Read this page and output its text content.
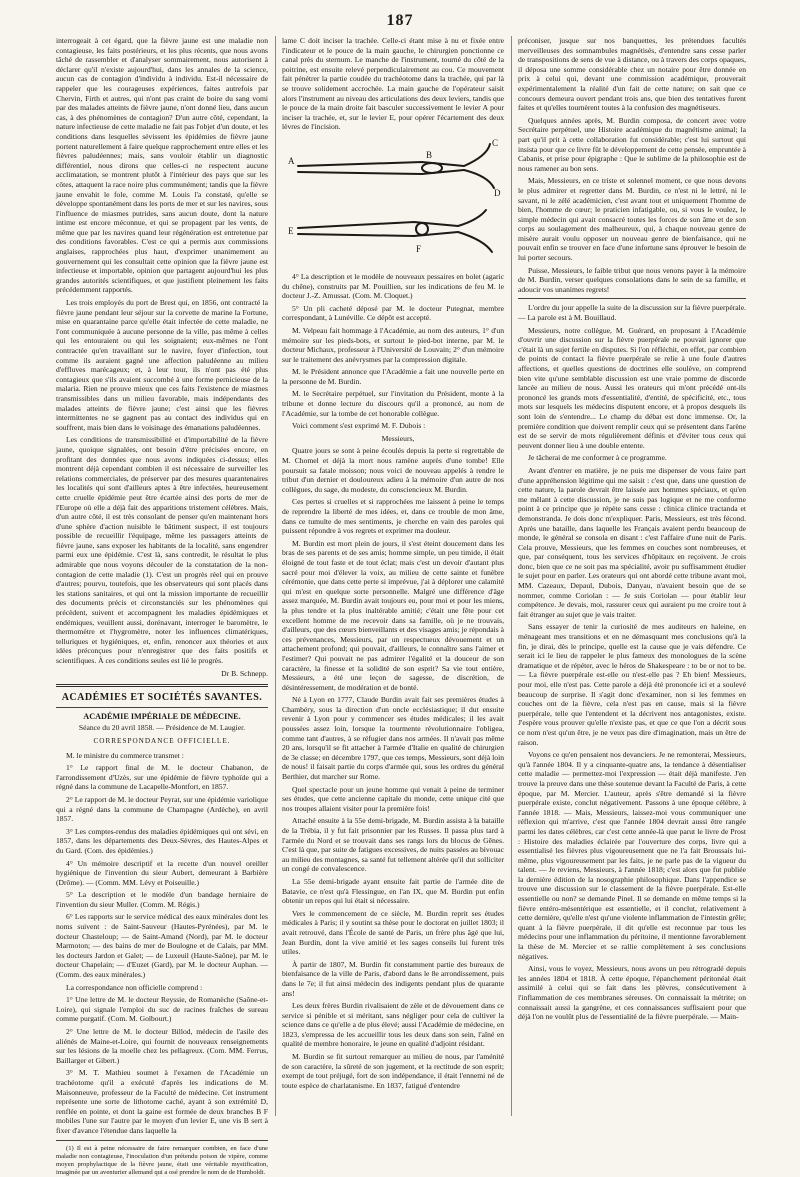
187

interrogeait à cet égard, que la fièvre jaune est une maladie non contagieuse, les faits postérieurs, et les plus récents, que nous avons tâché de rassembler et d'analyser sommairement, nous autorisent à déclarer qu'il n'existe aujourd'hui, dans les annales de la science, aucun cas de contagion d'individu à individu. Est-il nécessaire de rappeler que les courageuses expériences, faites autrefois par Chervin, Firth et autres, qui n'ont pas craint de boire du sang vomi par des malades atteints de fièvre jaune, n'ont donné lieu, dans aucun cas, à des phénomènes de contagion? D'un autre côté, cependant, la nature infectieuse de cette maladie ne fait pas l'objet d'un doute, et les conditions dans lesquelles sévissent les épidémies de fièvre jaune portent naturellement à faire quelque rapprochement entre elles et les fièvres paludéennes; mais, sans vouloir établir un diagnostic différentiel, nous dirons que celles-ci ne respectent aucune acclimatation, se montrent plutôt à l'intérieur des pays que sur les côtes, attaquent la race noire plus communément; tandis que la fièvre jaune envahit le fole, comme M. Louis l'a constaté, qu'elle se développe spontanément dans les ports de mer et sur les navires, sous l'influence de miasmes putrides, sans aucun doute, dont la nature intime est encore méconnue, et qui se propagent par les vents, de même que par les navires quand leur régénération est entretenue par des conditions favorables. C'est ce qui a permis aux commissions anglaises, rapprochées plus haut, d'exprimer unanimement au gouvernement qui les consultait cette opinion que la fièvre jaune est infectieuse et importable, opinion que partagent aujourd'hui les plus grandes autorités scientifiques, et que justifient pleinement les faits précédemment rapportés.

Les trois employés du port de Brest qui, en 1856, ont contracté la fièvre jaune pendant leur séjour sur la corvette de marine la Fortune, mise en quarantaine parce qu'elle était infectée de cette maladie, ne l'ont communiquée à aucune personne de la ville, pas même à celles qui les entouraient ou qui les soignaient; eux-mêmes ne l'ont contractée qu'en travaillant sur le navire, foyer d'infection, tout comme ils auraient gagné une affection paludéenne au milieu d'effluves marécageux; et, à leur tour, ils n'ont pas été plus contagieux que s'ils avaient succombé à une forme pernicieuse de la malaria. Rien ne prouve mieux que ces faits l'existence de miasmes transmissibles dans un milieu favorable, mais indépendants des malades atteints de fièvre jaune; c'est ainsi que les fièvres intermittentes ne se gagnent pas au contact des individus qui en souffrent, mais bien dans le voisinage des émanations paludéennes.

Les conditions de transmissibilité et d'importabilité de la fièvre jaune, quoique signalées, ont besoin d'être précisées encore, en profitant des données que nous avons indiquées ci-dessus; elles montrent déjà cependant combien il est nécessaire de surveiller les relations commerciales, de préserver par des mesures quarantenaires les localités qui sont d'ailleurs aptes à être infectées, heureusement cette cruelle épidémie peut être écartée ainsi des ports de mer de l'Europe où elle a déjà fait des apparitions tristement célèbres. Mais, d'un autre côté, il est très consolant de penser qu'en maintenant hors d'une sphère d'action nuisible le bâtiment suspect, il est toujours possible de recueillir l'équipage, même les passagers atteints de fièvre jaune, sans exposer les habitants de la localité, sans engendrer parmi eux une épidémie. C'est là, sans contredit, le résultat le plus admirable que nous voyons découler de la constatation de la non-contagion de cette maladie (1). C'est un progrès réel qui en prouve d'autres; pourvu, toutefois, que les observateurs qui sont placés dans les stations sanitaires, et qui ont la mission importante de recueillir des documents précis et circonstanciés sur les phénomènes qui précèdent, suivent et accompagnent les maladies épidémiques et endémiques, veuillent aussi, dorénavant, interroger le baromètre, le thermomètre et l'hygromètre, noter les influences climatériques, telluriques et hygiéniques, et, enfin, renoncer aux théories et aux idées préconçues pour n'enregistrer que des faits positifs et scientifiques. À ces conditions seules est lié le progrès.

Dr B. Schnepp.
ACADÉMIES ET SOCIÉTÉS SAVANTES.
ACADÉMIE IMPÉRIALE DE MÉDECINE.
Séance du 20 avril 1858. — Présidence de M. Laugier.
CORRESPONDANCE OFFICIELLE.

M. le ministre du commerce transmet :

1° Le rapport final de M. le docteur Chabanon, de l'arrondissement d'Uzès, sur une épidémie de fièvre typhoïde qui a régné dans la commune de Lacapelle-Montfort, en 1857.

2° Le rapport de M. le docteur Peyrat, sur une épidémie variolique qui a régné dans la commune de Champagne (Ardèche), en avril 1857.

3° Les comptes-rendus des maladies épidémiques qui ont sévi, en 1857, dans les départements des Deux-Sèvres, des Hautes-Alpes et du Gard. (Com. des épidémies.)

4° Un mémoire descriptif et la recette d'un nouvel oreiller hygiénique de l'invention du sieur Aubert, demeurant à Barbière (Drôme). — (Comm. MM. Lévy et Poiseuille.)

5° La description et le modèle d'un bandage herniaire de l'invention du sieur Muller. (Comm. M. Régis.)

6° Les rapports sur le service médical des eaux minérales dont les noms suivent : de Saint-Sauveur (Hautes-Pyrénées), par M. le docteur Chasteloup; — de Saint-Amand (Nord), par M. le docteur Marmoton; — des bains de mer de Boulogne et de Calais, par MM. les docteurs Jardon et Galet; — de Luxeuil (Haute-Saône), par M. le docteur Chapelain; — d'Euzet (Gard), par M. le docteur Auphan. — (Comm. des eaux minérales.)

La correspondance non officielle comprend :

1° Une lettre de M. le docteur Reyssie, de Romanèche (Saône-et-Loire), qui signale l'emploi du suc de racines fraîches de sureau comme purgatif. (Com. M. Golbourt.)

2° Une lettre de M. le docteur Billod, médecin de l'asile des aliénés de Maine-et-Loire, qui fournit de nouveaux renseignements sur les lésions de la moelle chez les pellagreux. (Com. MM. Ferrus, Baillarger et Gibert.)

3° M. T. Mathieu soumet à l'examen de l'Académie un trachéotome qu'il a exécuté d'après les indications de M. Maisonneuve, professeur de la Faculté de médecine. Cet instrument représente une sorte de lithotome caché, ayant à son extrémité D, renflée en pointe, et dont la gaine est formée de deux branches B F mobiles l'une sur l'autre par le moyen d'un levier E, une vis B sert à fixer d'avance l'étendue dans laquelle la

(1) Il est à peine nécessaire de faire remarquer combien, en face d'une maladie non contagieuse, l'inoculation d'un prétendu poison de vipère, comme moyen prophylactique de la fièvre jaune, était une véritable mystification, imaginée par un aventurier allemand qui a osé prendre le nom de de Humboldt.

lame C doit inciser la trachée. Celle-ci étant mise à nu et fixée entre l'indicateur et le pouce de la main gauche, le chirurgien ponctionne ce canal près du sternum. Le manche de l'instrument, tourné du côté de la poitrine, est ensuite relevé perpendiculairement au cou. Ce mouvement fait pénétrer la partie coudée du trachéotome dans la trachée, qui par là se trouve solidement accrochée. La main gauche de l'opérateur saisit alors l'instrument au niveau des articulations des deux leviers, tandis que le pouce de la main droite fait basculer successivement le levier A pour inciser la trachée, et, sur le levier E, pour opérer l'écartement des deux lèvres de l'incision.

A
B
C
D
E
F

4° La description et le modèle de nouveaux pessaires en bolet (agaric du chêne), construits par M. Pouillien, sur les indications de feu M. le docteur J.-Z. Amussat. (Com. M. Cloquet.)

5° Un pli cacheté déposé par M. le docteur Putegnat, membre correspondant, à Lunéville. Ce dépôt est accepté.

M. Velpeau fait hommage à l'Académie, au nom des auteurs, 1° d'un mémoire sur les pieds-bots, et surtout le pied-bot interne, par M. le docteur Michaux, professeur à l'Université de Louvain; 2° d'un mémoire sur le traitement des anévrysmes par la compression digitale.

M. le Président annonce que l'Académie a fait une nouvelle perte en la personne de M. Burdin.

M. le Secrétaire perpétuel, sur l'invitation du Président, monte à la tribune et donne lecture du discours qu'il a prononcé, au nom de l'Académie, sur la tombe de cet honorable collègue.

Voici comment s'est exprimé M. F. Dubois :

Messieurs,

Quatre jours se sont à peine écoulés depuis la perte si regrettable de M. Chomel et déjà la mort nous ramène auprès d'une tombe! Elle poursuit sa fatale moisson; nous voici de nouveau appelés à rendre le tribut d'un dernier et douloureux adieu à la mémoire d'un autre de nos collègues, du sage, du modeste, du consciencieux M. Burdin.

Ces pertes si cruelles et si rapprochées me laissent à peine le temps de reprendre la liberté de mes idées, et, dans ce trouble de mon âme, dans ce tumulte de mes sentiments, je cherche en vain des paroles qui puissent répondre à vos regrets et exprimer ma douleur.

M. Burdin est mort plein de jours, il s'est éteint doucement dans les bras de ses parents et de ses amis; homme simple, un peu timide, il était éloigné de tout faste et de tout éclat; mais c'est un devoir d'autant plus sacré pour moi d'élever la voix, au milieu de cette sainte et funèbre cérémonie, que dans cette perte si imprévue, j'ai à déplorer une calamité qui m'est en quelque sorte personnelle. Malgré une différence d'âge assez marquée, M. Burdin avait toujours eu, pour moi et pour les miens, la plus tendre et la plus inaltérable amitié; c'était une fête pour cet excellent homme de me recevoir dans sa famille, où je ne trouvais, d'ailleurs, que des cœurs bienveillants et des visages amis; je répondais à ces prévenances, Messieurs, par un respectueux dévouement et un attachement profond; qui pouvait, d'ailleurs, le connaître sans l'aimer et l'estimer? Qui pouvait ne pas admirer l'égalité et la douceur de son caractère, la finesse et la solidité de son esprit? Sa vie tout entière, Messieurs, a été une leçon de sagesse, de discrétion, de désintéressement, de modération et de bonté.

Né à Lyon en 1777, Claude Burdin avait fait ses premières études à Chambéry, sous la direction d'un oncle ecclésiastique; il dut ensuite revenir à Lyon pour y commencer ses études médicales; il les avait poussées assez loin, lorsque la tourmente révolutionnaire l'obligea, comme tant d'autres, à se réfugier dans nos armées. Il n'avait pas même 20 ans, lorsqu'il se fit attacher à l'armée d'Italie en qualité de chirurgien de 3e classe; en décembre 1797, que ces temps, Messieurs, sont déjà loin de nous! il faisait partie du corps d'armée qui, sous les ordres du général Berthier, dut marcher sur Rome.

Quel spectacle pour un jeune homme qui venait à peine de terminer ses études, que cette ancienne capitale du monde, cette unique cité que nos troupes allaient visiter pour la première fois!

Attaché ensuite à la 55e demi-brigade, M. Burdin assista à la bataille de la Trébia, il y fut fait prisonnier par les Russes. Il passa plus tard à l'armée du Nord et se trouvait dans ses rangs lors du blocus de Gênes. C'est là que, par suite de fatigues excessives, de nuits passées au bivouac au milieu des montagnes, sa santé fut tellement altérée qu'il dut solliciter un congé de convalescence.

La 55e demi-brigade ayant ensuite fait partie de l'armée dite de Batavie, ce n'est qu'à Flessingue, en l'an IX, que M. Burdin put enfin obtenir un repos qui lui était si nécessaire.

Vers le commencement de ce siècle, M. Burdin reprit ses études médicales à Paris; il y soutint sa thèse pour le doctorat en juillet 1803; il avait retrouvé, dans l'École de santé de Paris, un frère plus âgé que lui, Jean Burdin, dont la vive amitié et les sages conseils lui furent très utiles.

À partir de 1807, M. Burdin fit constamment partie des bureaux de bienfaisance de la ville de Paris, d'abord dans le 8e arrondissement, puis dans le 7e; il fut ainsi médecin des indigents pendant plus de quarante ans!

Les deux frères Burdin rivalisaient de zèle et de dévouement dans ce service si pénible et si méritant, sans négliger pour cela de cultiver la science dans ce qu'elle a de plus élevé; aussi l'Académie de médecine, en 1823, s'empressa de les accueillir tous les deux dans son sein, l'aîné en qualité de membre honoraire, le jeune en qualité d'adjoint résidant.

M. Burdin se fit surtout remarquer au milieu de nous, par l'aménité de son caractère, la sûreté de son jugement, et la rectitude de son esprit; exempt de tout préjugé, fort de son indépendance, il était l'ennemi né de toute espèce de charlatanisme. En 1837, fatigué d'entendre

préconiser, jusque sur nos banquettes, les prétendues facultés merveilleuses des somnambules magnétisés, d'entendre sans cesse parler de transpositions de sens de vue à distance, ou à travers des corps opaques, il déposa une somme considérable chez un notaire pour être donnée en prix à celui qui, devant une commission académique, prouverait expérimentalement la réalité d'un fait de cette nature; on sait que ce concours demeura ouvert pendant trois ans, que bien des tentatives furent faites et qu'elles tournèrent toutes à la confusion des magnétiseurs.

Quelques années après, M. Burdin composa, de concert avec votre Secrétaire perpétuel, une Histoire académique du magnétisme animal; la part qu'il prit à cette collaboration fut considérable; c'est lui surtout qui insista pour que ce livre fût le développement de cette pensée, empruntée à Cabanis, et prise pour épigraphe : Que le sublime de la philosophie est de nous ramener au bon sens.

Mais, Messieurs, en ce triste et solennel moment, ce que nous devons le plus admirer et regretter dans M. Burdin, ce n'est ni le lettré, ni le savant, ni le zélé académicien, c'est avant tout et uniquement l'homme de bien, l'homme de cœur; le praticien infatigable, ou, si vous le voulez, le simple médecin qui avait consacré toutes les forces de son âme et de son corps au soulagement des malheureux, qui, à chaque nouveau genre de misère aurait voulu opposer un nouveau genre de bienfaisance, qui ne pouvait enfin se trouver en face d'une infortune sans éprouver le besoin de lui porter secours.

Puisse, Messieurs, le faible tribut que nous venons payer à la mémoire de M. Burdin, verser quelques consolations dans le sein de sa famille, et adoucir vos unanimes regrets!

L'ordre du jour appelle la suite de la discussion sur la fièvre puerpérale. — La parole est à M. Bouillaud.

Messieurs, notre collègue, M. Guérard, en proposant à l'Académie d'ouvrir une discussion sur la fièvre puerpérale ne pouvait ignorer que c'était là un sujet fertile en disputes. Si l'on réfléchit, en effet, par combien de points de contact la fièvre puerpérale se relie à une foule d'autres affections, et quelles questions de doctrines elle soulève, on comprend bien vite qu'une semblable discussion est une vraie pomme de discorde lancée au milieu de nous. Aussi les orateurs qui m'ont précédé ont-ils prononcé les grands mots d'essentialité, d'entité, de spécificité, etc., tous mots sur lesquels les médecins disputent encore, et à propos desquels ils sont loin de s'entendre... Le champ du débat est donc immense. Or, la première condition que doivent remplir ceux qui se présentent dans l'arène est de se servir de mots régulièrement définis et d'éviter tous ceux qui peuvent donner lieu à une double entente.

Je tâcherai de me conformer à ce programme.

Avant d'entrer en matière, je ne puis me dispenser de vous faire part d'une appréhension légitime qui me saisit : c'est que, dans une question de cette nature, la parole devrait être laissée aux hommes spéciaux, et qu'en me mêlant à cette discussion, je ne suis pas logique et ne me conforme point à ce principe que je répète sans cesse : clinica clinice tractanda et demonstranda. Je dois donc m'expliquer. Paris, Messieurs, est très fécond. Après une bataille, dans laquelle les Français avaient perdu beaucoup de monde, le général se consola en disant : c'est l'affaire d'une nuit de Paris. Cela prouve, Messieurs, que les femmes en couches sont nombreuses, et que, par conséquent, tous les services d'hôpitaux en reçoivent. Je crois donc, bien que ce ne soit pas ma spécialité, avoir pu suffisamment étudier le sujet pour en parler. Les orateurs qui ont abordé cette tribune avant moi, MM. Cazeaux, Depaul, Dubois, Danyau, n'avaient besoin que de se nommer, comme Coriolan : — Je suis Coriolan — pour établir leur compétence. Je devais, moi, rassurer ceux qui auraient pu me croire tout à fait étranger au sujet que je vais traiter.

Sans essayer de tenir la curiosité de mes auditeurs en haleine, en ménageant mes transitions et en ne démasquant mes conclusions qu'à la fin, je dirai, dès le principe, quelle est la cause que je vais défendre. Ce serait ici le lieu de rappeler le plus fameux des monologues de la scène dramatique et de répéter, avec le héros de Shakespeare : to be or not to be. — La fièvre puerpérale est-elle ou n'est-elle pas ? Eh bien! Messieurs, pour moi, elle n'est pas. Cette parole a déjà été prononcée ici et a soulevé beaucoup de surprise. Il s'agit donc d'examiner, non si les femmes en couches ont de la fièvre, cela n'est pas en cause, mais si la fièvre puerpérale, telle que l'entendent et la décrivent nos antagonistes, existe. J'espère vous prouver qu'elle n'existe pas, et que ce que l'on a décrit sous ce nom n'est qu'un être, je ne veux pas dire d'imagination, mais un être de raison.

Voyons ce qu'en pensaient nos devanciers. Je ne remonterai, Messieurs, qu'à l'année 1804. Il y a cinquante-quatre ans, la tendance à désentialiser cette maladie — permettez-moi l'expression — était déjà manifeste. J'en trouve la preuve dans une thèse soutenue devant la Faculté de Paris, à cette époque, par M. Mercier. L'auteur, après s'être demandé si la fièvre puerpérale existe, conclut négativement. Passons à une époque célèbre, à l'année 1818. — Mais, Messieurs, laissez-moi vous communiquer une réflexion qui m'arrive, c'est que l'année 1804 devrait aussi être rangée parmi les dates célèbres, car c'est cette année-là que parut le livre de Prost : Histoire des maladies éclairée par l'ouverture des corps, livre qui a essentialisé les fièvres plus vigoureusement que ne l'a fait Broussais lui-même, plus vigoureusement par les faits, je ne parle pas de la vigueur du talent. — Je reviens, Messieurs, à l'année 1818; c'est alors que fut publiée la dernière édition de la nosographie philosophique. Dans l'appendice se trouve une discussion sur le classement de la fièvre puerpérale. Est-elle essentielle ou non? se demande Pinel. Il se demande en même temps si la fièvre entéro-mésentérique est essentielle, et il conclut, relativement à cette dernière, qu'elle n'est qu'une violente inflammation de l'intestin grêle; quant à la fièvre puerpérale, il dit qu'elle est reconnue par tous les médecins pour une inflammation du péritoine, il mentionne favorablement la thèse de M. Mercier et se rallie complètement à ses conclusions négatives.

Ainsi, vous le voyez, Messieurs, nous avons un peu rétrogradé depuis les années 1804 et 1818. À cette époque, l'épanchement péritonéal était assimilé à celui qui se fait dans les plèvres, consécutivement à l'inflammation de ces membranes séreuses. On connaissait la métrite; on connaissait aussi la gangrène, et ces connaissances suffisaient pour que déjà l'on ne voulût plus de l'essentialité de la fièvre puerpérale. — Main-
